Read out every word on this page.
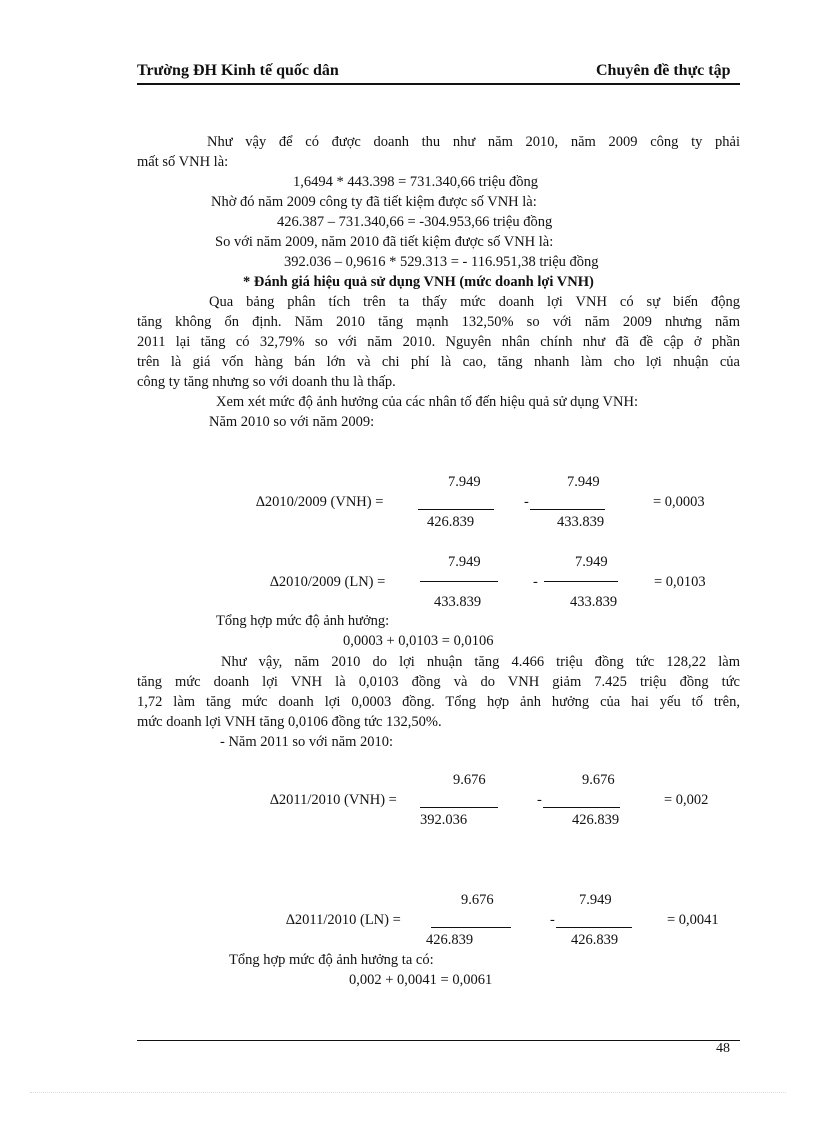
Trường ĐH Kinh tế quốc dân	Chuyên đề thực tập
Như vậy để có được doanh thu như năm 2010, năm 2009 công ty phải
mất số VNH là:
1,6494 * 443.398 = 731.340,66 triệu đồng
Nhờ đó năm 2009 công ty đã tiết kiệm được số VNH là:
426.387 – 731.340,66 = -304.953,66 triệu đồng
So với năm 2009, năm 2010 đã tiết kiệm được số VNH là:
392.036 – 0,9616 * 529.313 = - 116.951,38 triệu đồng
* Đánh giá hiệu quả sử dụng VNH (mức doanh lợi VNH)
Qua bảng phân tích trên ta thấy mức doanh lợi VNH có sự biến động
tăng không ổn định. Năm 2010 tăng mạnh 132,50% so với năm 2009 nhưng năm
2011 lại tăng có 32,79% so với năm 2010. Nguyên nhân chính như đã đề cập ở phần
trên là giá vốn hàng bán lớn và chi phí là cao, tăng nhanh làm cho lợi nhuận của
công ty tăng nhưng so với doanh thu là thấp.
Xem xét mức độ ảnh hưởng của các nhân tố đến hiệu quả sử dụng VNH:
Năm 2010 so với năm 2009:
7.949	7.949
∆2010/2009 (VNH) =	-	= 0,0003
426.839	433.839
7.949	7.949
∆2010/2009 (LN) =	-	= 0,0103
433.839	433.839
Tổng hợp mức độ ảnh hưởng:
0,0003 + 0,0103 = 0,0106
Như vậy, năm 2010 do lợi nhuận tăng 4.466 triệu đồng tức 128,22 làm
tăng mức doanh lợi VNH là 0,0103 đồng và do VNH giảm 7.425 triệu đồng tức
1,72 làm tăng mức doanh lợi 0,0003 đồng. Tổng hợp ảnh hưởng của hai yếu tố trên,
mức doanh lợi VNH tăng 0,0106 đồng tức 132,50%.
- Năm 2011 so với năm 2010:
9.676	9.676
∆2011/2010 (VNH) =	-	= 0,002
392.036	426.839
9.676	7.949
∆2011/2010 (LN) =	-	= 0,0041
426.839	426.839
Tổng hợp mức độ ảnh hưởng ta có:
0,002 + 0,0041 = 0,0061
48
